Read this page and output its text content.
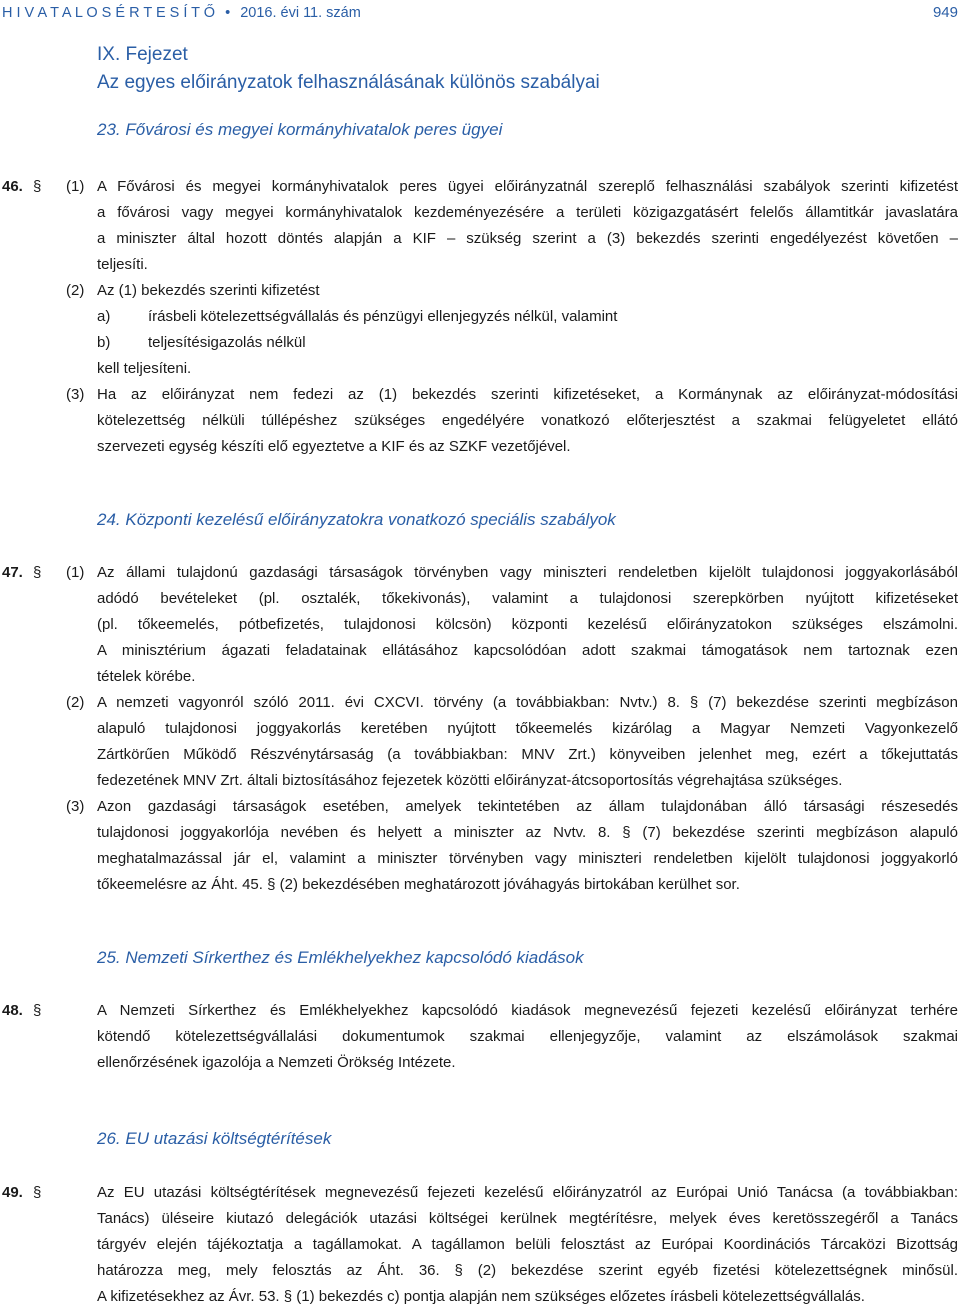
H I V A T A L O S É R T E S Í T Ő • 2016. évi 11. szám	949
IX. Fejezet
Az egyes előirányzatok felhasználásának különös szabályai
23. Fővárosi és megyei kormányhivatalok peres ügyei
46. § (1) A Fővárosi és megyei kormányhivatalok peres ügyei előirányzatnál szereplő felhasználási szabályok szerinti kifizetést
a fővárosi vagy megyei kormányhivatalok kezdeményezésére a területi közigazgatásért felelős államtitkár javaslatára
a miniszter által hozott döntés alapján a KIF – szükség szerint a (3) bekezdés szerinti engedélyezést követően –
teljesíti.
(2) Az (1) bekezdés szerinti kifizetést
a)	írásbeli kötelezettségvállalás és pénzügyi ellenjegyzés nélkül, valamint
b)	teljesítésigazolás nélkül
kell teljesíteni.
(3) Ha az előirányzat nem fedezi az (1) bekezdés szerinti kifizetéseket, a Kormánynak az előirányzat-módosítási
kötelezettség nélküli túllépéshez szükséges engedélyére vonatkozó előterjesztést a szakmai felügyeletet ellátó
szervezeti egység készíti elő egyeztetve a KIF és az SZKF vezetőjével.
24. Központi kezelésű előirányzatokra vonatkozó speciális szabályok
47. § (1) Az állami tulajdonú gazdasági társaságok törvényben vagy miniszteri rendeletben kijelölt tulajdonosi joggyakorlásából
adódó bevételeket (pl. osztalék, tőkekivonás), valamint a tulajdonosi szerepkörben nyújtott kifizetéseket
(pl. tőkeemelés, pótbefizetés, tulajdonosi kölcsön) központi kezelésű előirányzatokon szükséges elszámolni.
A minisztérium ágazati feladatainak ellátásához kapcsolódóan adott szakmai támogatások nem tartoznak ezen
tételek körébe.
(2) A nemzeti vagyonról szóló 2011. évi CXCVI. törvény (a továbbiakban: Nvtv.) 8. § (7) bekezdése szerinti megbízáson
alapuló tulajdonosi joggyakorlás keretében nyújtott tőkeemelés kizárólag a Magyar Nemzeti Vagyonkezelő
Zártkörűen Működő Részvénytársaság (a továbbiakban: MNV Zrt.) könyveiben jelenhet meg, ezért a tőkejuttatás
fedezetének MNV Zrt. általi biztosításához fejezetek közötti előirányzat-átcsoportosítás végrehajtása szükséges.
(3) Azon gazdasági társaságok esetében, amelyek tekintetében az állam tulajdonában álló társasági részesedés
tulajdonosi joggyakorlója nevében és helyett a miniszter az Nvtv. 8. § (7) bekezdése szerinti megbízáson alapuló
meghatalmazással jár el, valamint a miniszter törvényben vagy miniszteri rendeletben kijelölt tulajdonosi joggyakorló
tőkeemelésre az Áht. 45. § (2) bekezdésében meghatározott jóváhagyás birtokában kerülhet sor.
25. Nemzeti Sírkerthez és Emlékhelyekhez kapcsolódó kiadások
48. §	A Nemzeti Sírkerthez és Emlékhelyekhez kapcsolódó kiadások megnevezésű fejezeti kezelésű előirányzat terhére
kötendő kötelezettségvállalási dokumentumok szakmai ellenjegyzője, valamint az elszámolások szakmai
ellenőrzésének igazolója a Nemzeti Örökség Intézete.
26. EU utazási költségtérítések
49. §	Az EU utazási költségtérítések megnevezésű fejezeti kezelésű előirányzatról az Európai Unió Tanácsa (a továbbiakban:
Tanács) üléseire kiutazó delegációk utazási költségei kerülnek megtérítésre, melyek éves keretösszegéről a Tanács
tárgyév elején tájékoztatja a tagállamokat. A tagállamon belüli felosztást az Európai Koordinációs Tárcaközi Bizottság
határozza meg, mely felosztás az Áht. 36. § (2) bekezdése szerint egyéb fizetési kötelezettségnek minősül.
A kifizetésekhez az Ávr. 53. § (1) bekezdés c) pontja alapján nem szükséges előzetes írásbeli kötelezettségvállalás.
